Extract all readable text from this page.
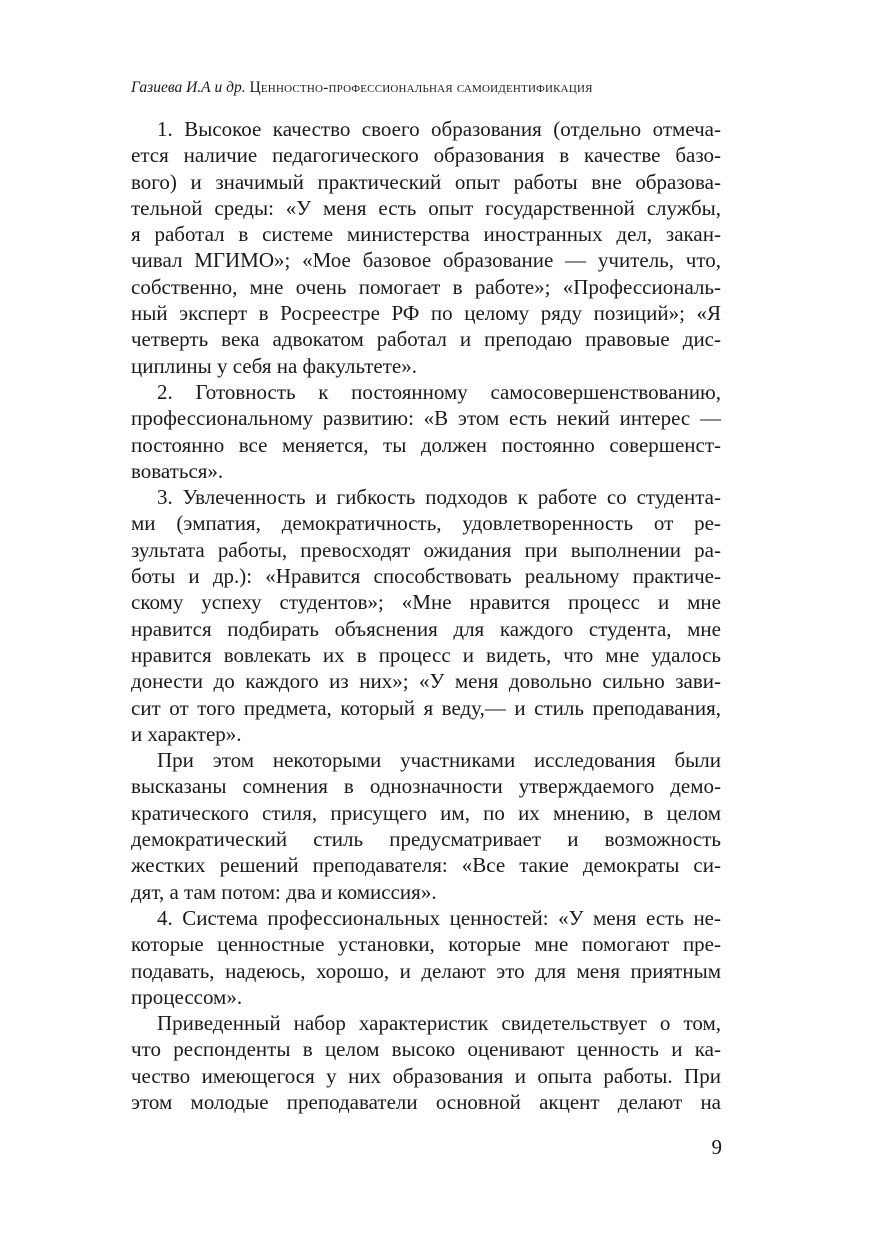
Газиева И.А и др. Ценностно-профессиональная самоидентификация
1. Высокое качество своего образования (отдельно отмеча-
ется наличие педагогического образования в качестве базо-
вого) и значимый практический опыт работы вне образова-
тельной среды: «У меня есть опыт государственной службы,
я работал в системе министерства иностранных дел, закан-
чивал МГИМО»; «Мое базовое образование — учитель, что,
собственно, мне очень помогает в работе»; «Профессиональ-
ный эксперт в Росреестре РФ по целому ряду позиций»; «Я
четверть века адвокатом работал и преподаю правовые дис-
циплины у себя на факультете».
2. Готовность к постоянному самосовершенствованию,
профессиональному развитию: «В этом есть некий интерес —
постоянно все меняется, ты должен постоянно совершенст-
воваться».
3. Увлеченность и гибкость подходов к работе со студента-
ми (эмпатия, демократичность, удовлетворенность от ре-
зультата работы, превосходят ожидания при выполнении ра-
боты и др.): «Нравится способствовать реальному практиче-
скому успеху студентов»; «Мне нравится процесс и мне
нравится подбирать объяснения для каждого студента, мне
нравится вовлекать их в процесс и видеть, что мне удалось
донести до каждого из них»; «У меня довольно сильно зави-
сит от того предмета, который я веду,— и стиль преподавания,
и характер».
При этом некоторыми участниками исследования были
высказаны сомнения в однозначности утверждаемого демо-
кратического стиля, присущего им, по их мнению, в целом
демократический стиль предусматривает и возможность
жестких решений преподавателя: «Все такие демократы си-
дят, а там потом: два и комиссия».
4. Система профессиональных ценностей: «У меня есть не-
которые ценностные установки, которые мне помогают пре-
подавать, надеюсь, хорошо, и делают это для меня приятным
процессом».
Приведенный набор характеристик свидетельствует о том,
что респонденты в целом высоко оценивают ценность и ка-
чество имеющегося у них образования и опыта работы. При
этом молодые преподаватели основной акцент делают на
9
